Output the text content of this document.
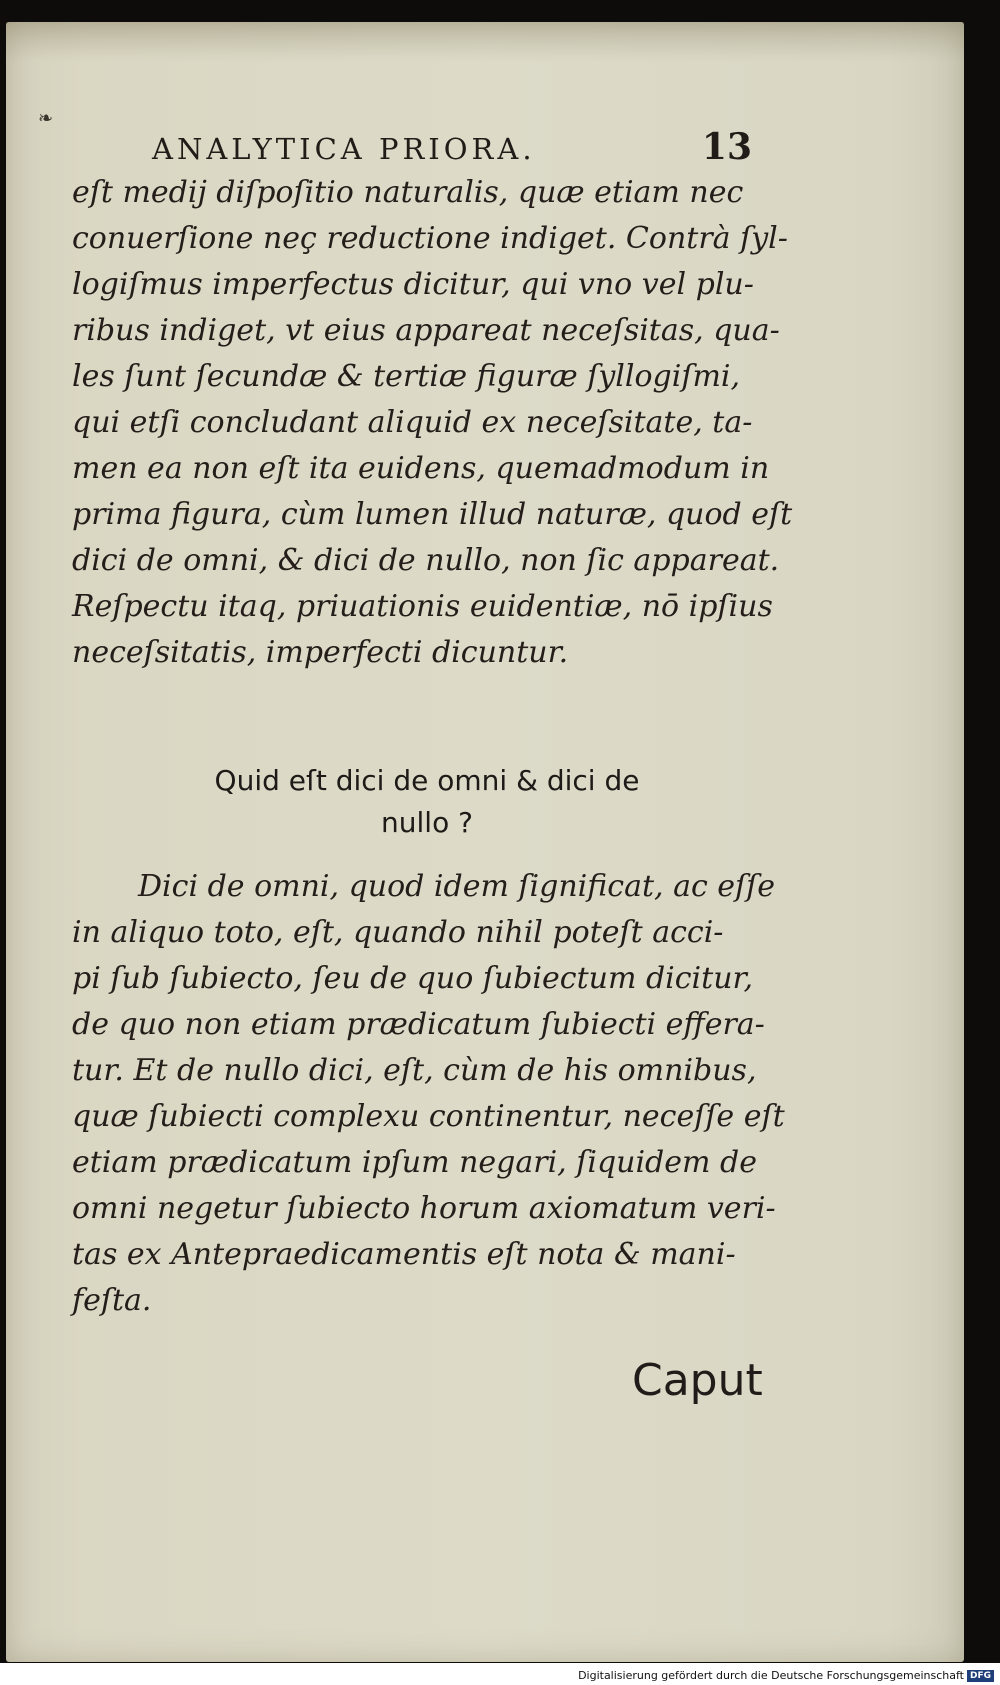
❧
ANALYTICA PRIORA.	13
eſt medij diſpoſitio naturalis, quæ etiam nec
conuerſione neç reductione indiget. Contrà ſyl-
logiſmus imperfectus dicitur, qui vno vel plu-
ribus indiget, vt eius appareat neceſsitas, qua-
les ſunt ſecundæ & tertiæ figuræ ſyllogiſmi,
qui etſi concludant aliquid ex neceſsitate, ta-
men ea non eſt ita euidens, quemadmodum in
prima figura, cùm lumen illud naturæ, quod eſt
dici de omni, & dici de nullo, non ſic appareat.
Reſpectu itaq, priuationis euidentiæ, nō ipſius
neceſsitatis, imperfecti dicuntur.
Quid eſt dici de omni & dici de
nullo ?
Dici de omni, quod idem ſignificat, ac eſſe
in aliquo toto, eſt, quando nihil poteſt acci-
pi ſub ſubiecto, ſeu de quo ſubiectum dicitur,
de quo non etiam prædicatum ſubiecti effera-
tur. Et de nullo dici, eſt, cùm de his omnibus,
quæ ſubiecti complexu continentur, neceſſe eſt
etiam prædicatum ipſum negari, ſiquidem de
omni negetur ſubiecto horum axiomatum veri-
tas ex Antepraedicamentis eſt nota & mani-
feſta.
Caput
Digitalisierung gefördert durch die Deutsche Forschungsgemeinschaft DFG
